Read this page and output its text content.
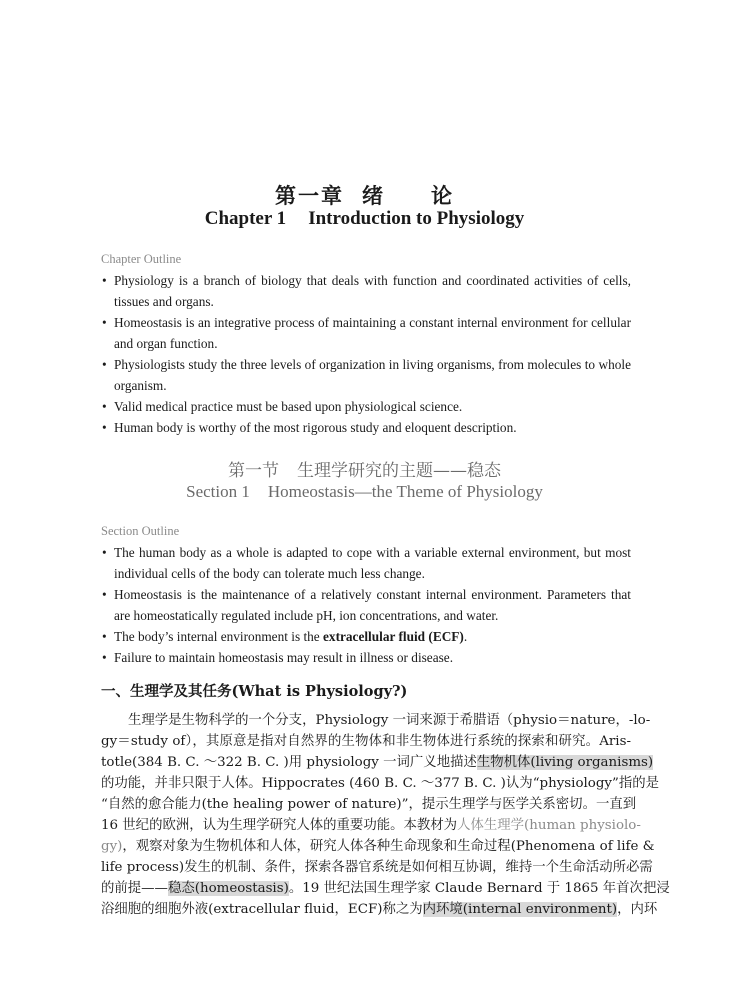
第一章 绪 论
Chapter 1 Introduction to Physiology
Chapter Outline
• Physiology is a branch of biology that deals with function and coordinated activities of cells, tissues and organs.
• Homeostasis is an integrative process of maintaining a constant internal environment for cellular and organ function.
• Physiologists study the three levels of organization in living organisms, from molecules to whole organism.
• Valid medical practice must be based upon physiological science.
• Human body is worthy of the most rigorous study and eloquent description.
第一节 生理学研究的主题——稳态
Section 1 Homeostasis—the Theme of Physiology
Section Outline
• The human body as a whole is adapted to cope with a variable external environment, but most individual cells of the body can tolerate much less change.
• Homeostasis is the maintenance of a relatively constant internal environment. Parameters that are homeostatically regulated include pH, ion concentrations, and water.
• The body’s internal environment is the extracellular fluid (ECF).
• Failure to maintain homeostasis may result in illness or disease.
一、生理学及其任务(What is Physiology?)
生理学是生物科学的一个分支，Physiology 一词来源于希腊语（physio＝nature，-lo-
gy＝study of），其原意是指对自然界的生物体和非生物体进行系统的探索和研究。Aris-
totle(384 B. C. ～322 B. C. )用 physiology 一词广义地描述生物机体(living organisms)
的功能，并非只限于人体。Hippocrates (460 B. C. ～377 B. C. )认为“physiology”指的是
“自然的愈合能力(the healing power of nature)”，提示生理学与医学关系密切。一直到
16 世纪的欧洲，认为生理学研究人体的重要功能。本教材为人体生理学(human physiolo-
gy)，观察对象为生物机体和人体，研究人体各种生命现象和生命过程(Phenomena of life &
life process)发生的机制、条件，探索各器官系统是如何相互协调，维持一个生命活动所必需
的前提——稳态(homeostasis)。19 世纪法国生理学家 Claude Bernard 于 1865 年首次把浸
浴细胞的细胞外液(extracellular fluid，ECF)称之为内环境(internal environment)，内环
